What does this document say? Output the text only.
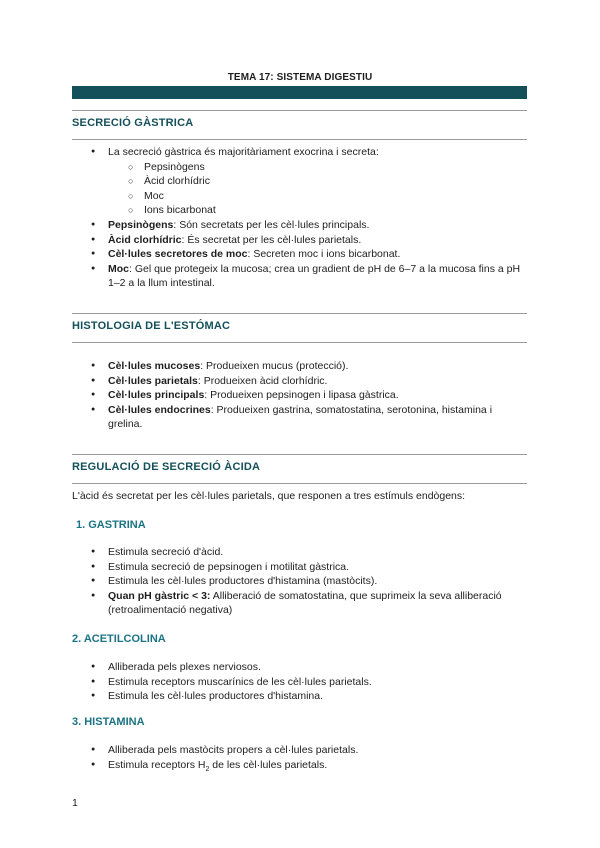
TEMA 17: SISTEMA DIGESTIU
SECRECIÓ GÀSTRICA
● La secreció gàstrica és majoritàriament exocrina i secreta:
○ Pepsinògens
○ Àcid clorhídric
○ Moc
○ Ions bicarbonat
● Pepsinògens: Són secretats per les cèl·lules principals.
● Àcid clorhídric: És secretat per les cèl·lules parietals.
● Cèl·lules secretores de moc: Secreten moc i ions bicarbonat.
● Moc: Gel que protegeix la mucosa; crea un gradient de pH de 6–7 a la mucosa fins a pH 1–2 a la llum intestinal.
HISTOLOGIA DE L'ESTÓMAC
● Cèl·lules mucoses: Produeixen mucus (protecció).
● Cèl·lules parietals: Produeixen àcid clorhídric.
● Cèl·lules principals: Produeixen pepsinogen i lipasa gàstrica.
● Cèl·lules endocrines: Produeixen gastrina, somatostatina, serotonina, histamina i grelina.
REGULACIÓ DE SECRECIÓ ÀCIDA
L'àcid és secretat per les cèl·lules parietals, que responen a tres estímuls endògens:
1. GASTRINA
● Estimula secreció d'àcid.
● Estimula secreció de pepsinogen i motilitat gàstrica.
● Estimula les cèl·lules productores d'histamina (mastòcits).
● Quan pH gàstric < 3: Alliberació de somatostatina, que suprimeix la seva alliberació (retroalimentació negativa)
2. ACETILCOLINA
● Alliberada pels plexes nerviosos.
● Estimula receptors muscarínics de les cèl·lules parietals.
● Estimula les cèl·lules productores d'histamina.
3. HISTAMINA
● Alliberada pels mastòcits propers a cèl·lules parietals.
● Estimula receptors $H_2$ de les cèl·lules parietals.
1
